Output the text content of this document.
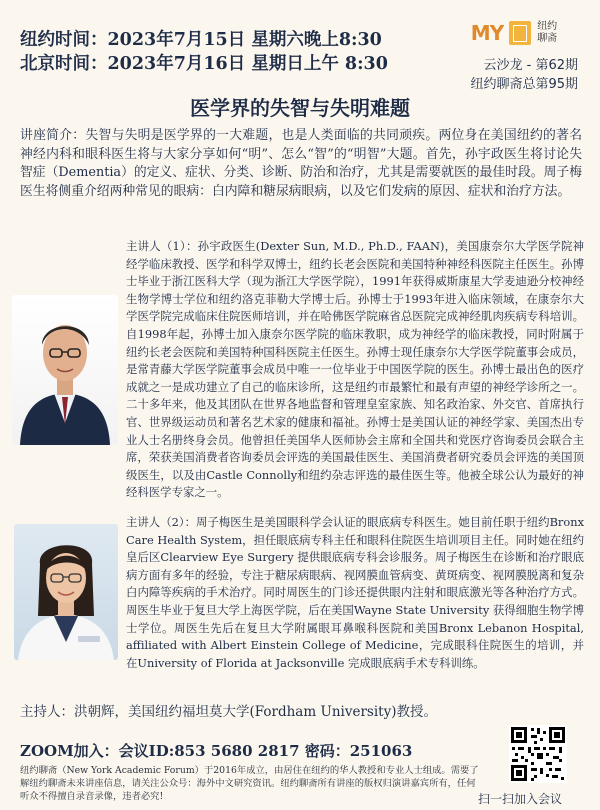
纽约时间：2023年7月15日 星期六晚上8:30
北京时间：2023年7月16日 星期日上午 8:30
MY	纽约
聊斋
云沙龙 - 第62期
纽约聊斋总第95期
医学界的失智与失明难题
讲座简介：失智与失明是医学界的一大难题，也是人类面临的共同顽疾。两位身在美国纽约的著名神经内科和眼科医生将与大家分享如何“明”、怎么“智”的“明智”大题。首先，孙宇政医生将讨论失智症（Dementia）的定义、症状、分类、诊断、防治和治疗，尤其是需要就医的最佳时段。周子梅医生将侧重介绍两种常见的眼病：白内障和糖尿病眼病，以及它们发病的原因、症状和治疗方法。
主讲人（1）：孙宇政医生(Dexter Sun, M.D., Ph.D., FAAN)，美国康奈尔大学医学院神经学临床教授、医学和科学双博士，纽约长老会医院和美国特种神经科医院主任医生。孙博士毕业于浙江医科大学（现为浙江大学医学院），1991年获得威斯康星大学麦迪逊分校神经生物学博士学位和纽约洛克菲勒大学博士后。孙博士于1993年进入临床领域，在康奈尔大学医学院完成临床住院医师培训，并在哈佛医学院麻省总医院完成神经肌肉疾病专科培训。自1998年起，孙博士加入康奈尔医学院的临床教职，成为神经学的临床教授，同时附属于纽约长老会医院和美国特种国科医院主任医生。孙博士现任康奈尔大学医学院董事会成员，是常青藤大学医学院董事会成员中唯一一位毕业于中国医学院的医生。孙博士最出色的医疗成就之一是成功建立了自己的临床诊所，这是纽约市最繁忙和最有声望的神经学诊所之一。二十多年来，他及其团队在世界各地监督和管理皇室家族、知名政治家、外交官、首席执行官、世界级运动员和著名艺术家的健康和福祉。孙博士是美国认证的神经学家、美国杰出专业人士名册终身会员。他曾担任美国华人医师协会主席和全国共和党医疗咨询委员会联合主席，荣获美国消费者咨询委员会评选的美国最佳医生、美国消费者研究委员会评选的美国顶级医生，以及由Castle Connolly和纽约杂志评选的最佳医生等。他被全球公认为最好的神经科医学专家之一。
主讲人（2）：周子梅医生是美国眼科学会认证的眼底病专科医生。她目前任职于纽约Bronx Care Health System，担任眼底病专科主任和眼科住院医生培训项目主任。同时她在纽约皇后区Clearview Eye Surgery 提供眼底病专科会诊服务。周子梅医生在诊断和治疗眼底病方面有多年的经验，专注于糖尿病眼病、视网膜血管病变、黄斑病变、视网膜脱离和复杂白内障等疾病的手术治疗。同时周医生的门诊还提供眼内注射和眼底激光等各种治疗方式。周医生毕业于复旦大学上海医学院，后在美国Wayne State University 获得细胞生物学博士学位。周医生先后在复旦大学附属眼耳鼻喉科医院和美国Bronx Lebanon Hospital, affiliated with Albert Einstein College of Medicine，完成眼科住院医生的培训，并在University of Florida at Jacksonville 完成眼底病手术专科训练。
主持人：洪朝辉，美国纽约福坦莫大学(Fordham University)教授。
ZOOM加入：会议ID:853 5680 2817 密码：251063
纽约聊斋（New York Academic Forum）于2016年成立，由居住在纽约的华人教授和专业人士组成。需要了解纽约聊斋未来讲座信息，请关注公众号：海外中文研究资讯。纽约聊斋所有讲座的版权归演讲嘉宾所有，任何听众不得擅自录音录像，违者必究!	扫一扫加入会议
